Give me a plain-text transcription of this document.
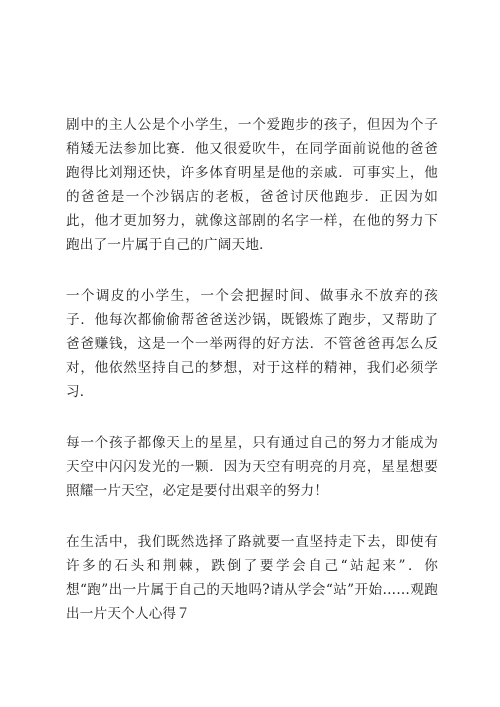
剧中的主人公是个小学生，一个爱跑步的孩子，但因为个子稍矮无法参加比赛．他又很爱吹牛，在同学面前说他的爸爸跑得比刘翔还快，许多体育明星是他的亲戚．可事实上，他的爸爸是一个沙锅店的老板，爸爸讨厌他跑步．正因为如此，他才更加努力，就像这部剧的名字一样，在他的努力下跑出了一片属于自己的广阔天地．

一个调皮的小学生，一个会把握时间、做事永不放弃的孩子．他每次都偷偷帮爸爸送沙锅，既锻炼了跑步，又帮助了爸爸赚钱，这是一个一举两得的好方法．不管爸爸再怎么反对，他依然坚持自己的梦想，对于这样的精神，我们必须学习．

每一个孩子都像天上的星星，只有通过自己的努力才能成为天空中闪闪发光的一颗．因为天空有明亮的月亮，星星想要照耀一片天空，必定是要付出艰辛的努力！

在生活中，我们既然选择了路就要一直坚持走下去，即使有许多的石头和荆棘，跌倒了要学会自己“站起来”．你想“跑”出一片属于自己的天地吗?请从学会“站”开始……观跑出一片天个人心得７
